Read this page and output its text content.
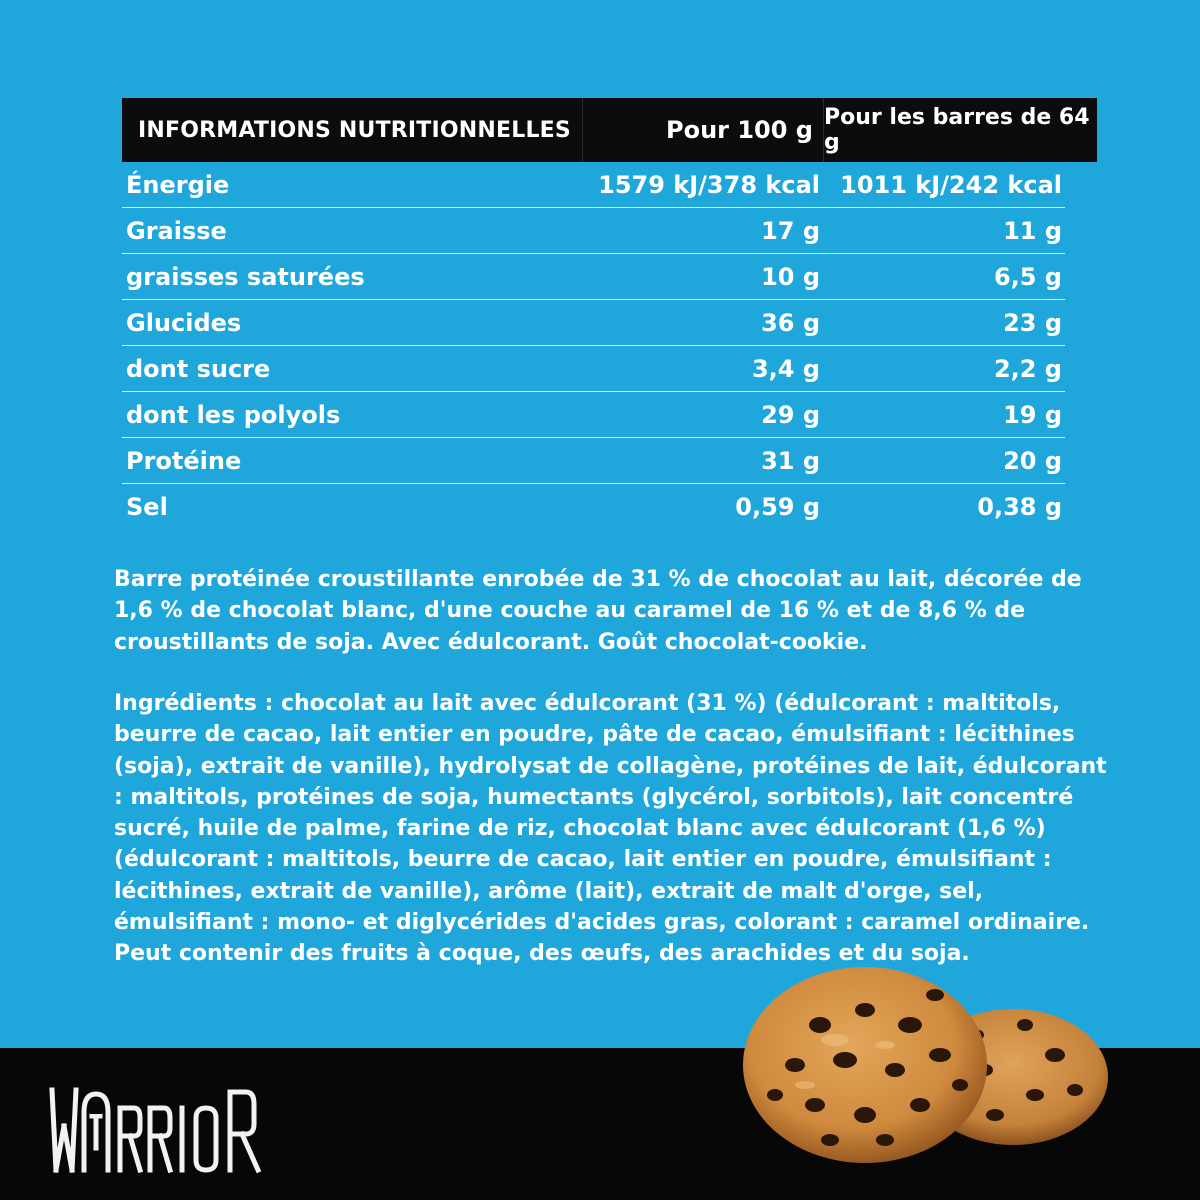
INFORMATIONS NUTRITIONNELLES	Pour 100 g Pour les barres de 64 g
Énergie	1579 kJ/378 kcal 1011 kJ/242 kcal
Graisse	17 g	11 g
graisses saturées	10 g	6,5 g
Glucides	36 g	23 g
dont sucre	3,4 g	2,2 g
dont les polyols	29 g	19 g
Protéine	31 g	20 g
Sel	0,59 g	0,38 g
Barre protéinée croustillante enrobée de 31 % de chocolat au lait, décorée de
1,6 % de chocolat blanc, d'une couche au caramel de 16 % et de 8,6 % de
croustillants de soja. Avec édulcorant. Goût chocolat-cookie.
Ingrédients : chocolat au lait avec édulcorant (31 %) (édulcorant : maltitols,
beurre de cacao, lait entier en poudre, pâte de cacao, émulsifiant : lécithines
(soja), extrait de vanille), hydrolysat de collagène, protéines de lait, édulcorant
: maltitols, protéines de soja, humectants (glycérol, sorbitols), lait concentré
sucré, huile de palme, farine de riz, chocolat blanc avec édulcorant (1,6 %)
(édulcorant : maltitols, beurre de cacao, lait entier en poudre, émulsifiant :
lécithines, extrait de vanille), arôme (lait), extrait de malt d'orge, sel,
émulsifiant : mono- et diglycérides d'acides gras, colorant : caramel ordinaire.
Peut contenir des fruits à coque, des œufs, des arachides et du soja.
